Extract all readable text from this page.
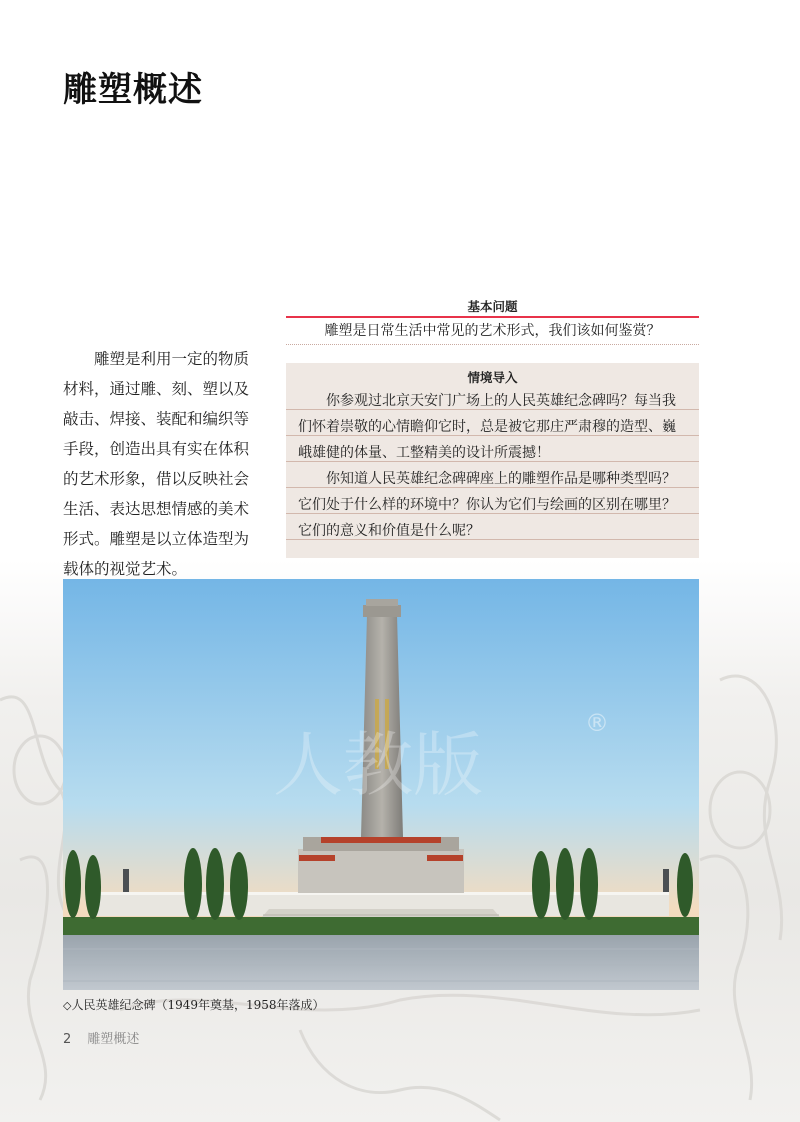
雕塑概述

雕塑是利用一定的物质材料，通过雕、刻、塑以及敲击、焊接、装配和编织等手段，创造出具有实在体积的艺术形象，借以反映社会生活、表达思想情感的美术形式。雕塑是以立体造型为载体的视觉艺术。

基本问题
雕塑是日常生活中常见的艺术形式，我们该如何鉴赏？
情境导入

你参观过北京天安门广场上的人民英雄纪念碑吗？每当我们怀着崇敬的心情瞻仰它时，总是被它那庄严肃穆的造型、巍峨雄健的体量、工整精美的设计所震撼！

你知道人民英雄纪念碑碑座上的雕塑作品是哪种类型吗？它们处于什么样的环境中？你认为它们与绘画的区别在哪里？它们的意义和价值是什么呢？

人教版
®

◇人民英雄纪念碑（1949年奠基，1958年落成）

2 雕塑概述
